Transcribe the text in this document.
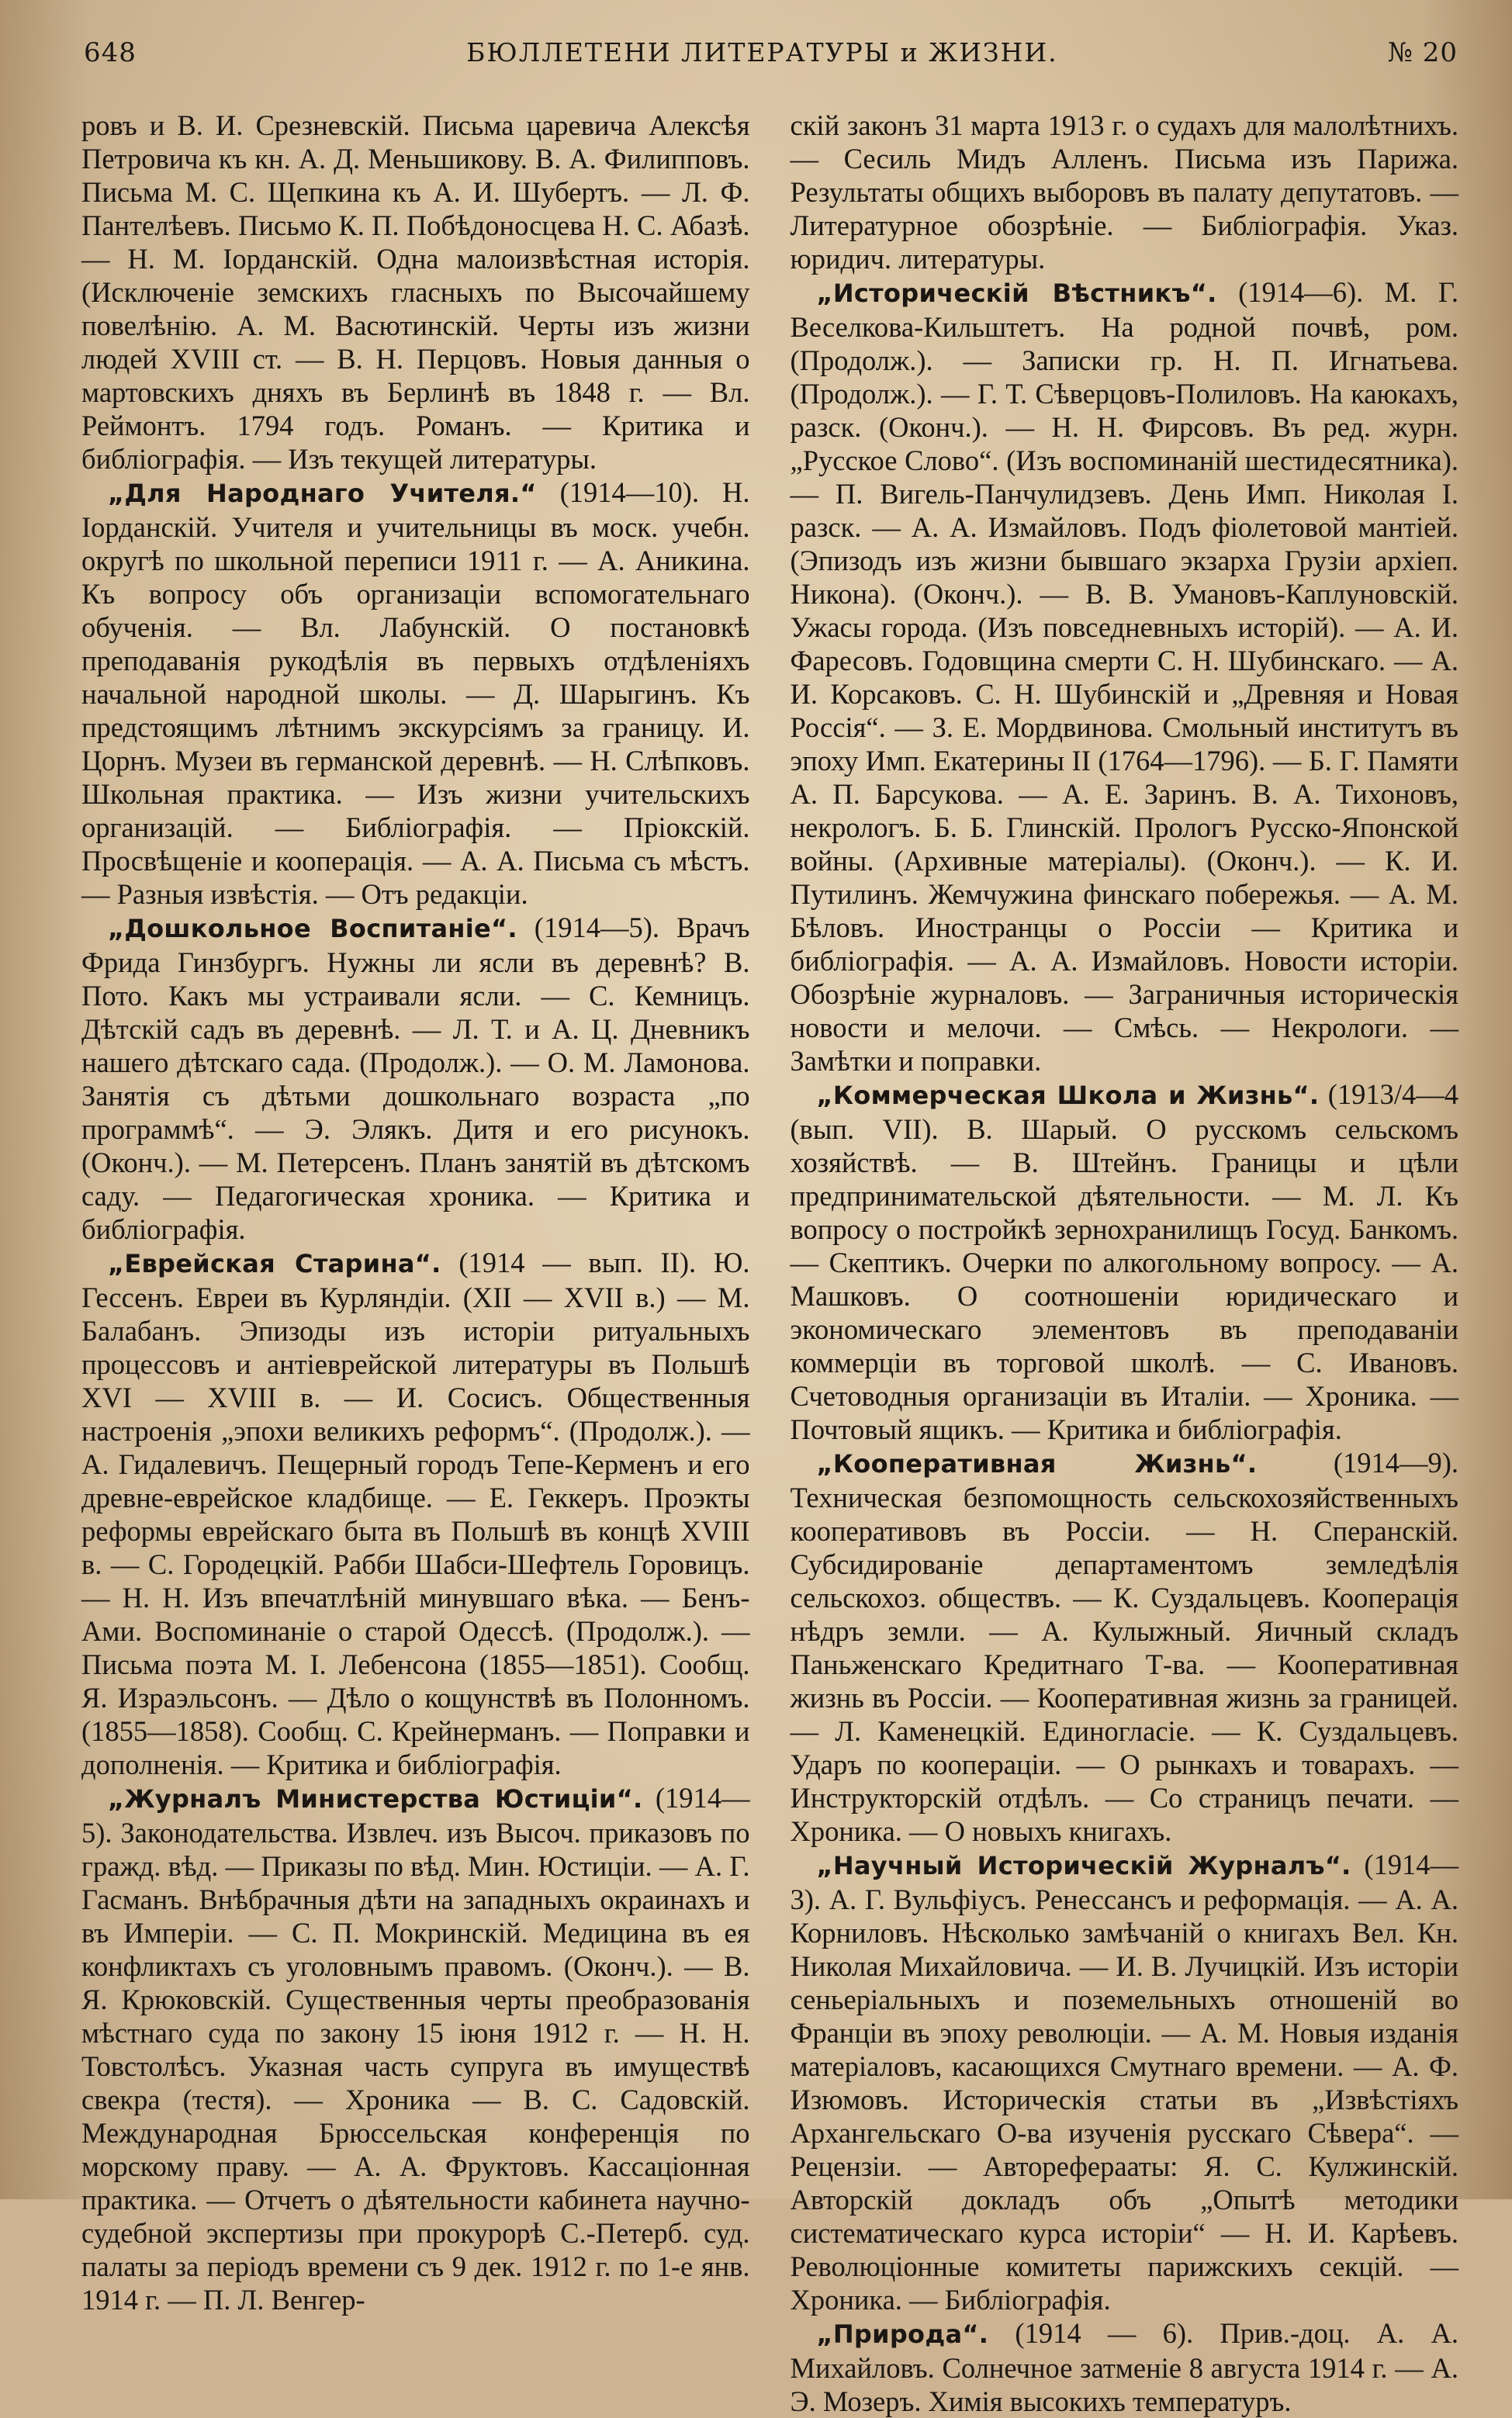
648	БЮЛЛЕТЕНИ ЛИТЕРАТУРЫ и ЖИЗНИ.	№ 20

ровъ и В. И. Срезневскій. Письма царевича Алексѣя Петровича къ кн. А. Д. Меньшикову. В. А. Филипповъ. Письма М. С. Щепкина къ А. И. Шубертъ. — Л. Ф. Пантелѣевъ. Письмо К. П. Побѣдоносцева Н. С. Абазѣ. — Н. М. Iорданскій. Одна малоизвѣстная исторія. (Исключенiе земскихъ гласныхъ по Высочайшему повелѣнію. А. М. Васютинскій. Черты изъ жизни людей XVIII ст. — В. Н. Перцовъ. Новыя данныя о мартовскихъ дняхъ въ Берлинѣ въ 1848 г. — Вл. Реймонтъ. 1794 годъ. Романъ. — Критика и библіографія. — Изъ текущей литературы.

„Для Народнаго Учителя.“ (1914—10). Н. Iорданскій. Учителя и учительницы въ моск. учебн. округѣ по школьной переписи 1911 г. — А. Аникина. Къ вопросу объ организаціи вспомогательнаго обученія. — Вл. Лабунскій. О постановкѣ преподаванія рукодѣлія въ первыхъ отдѣленіяхъ начальной народной школы. — Д. Шарыгинъ. Къ предстоящимъ лѣтнимъ экскурсіямъ за границу. И. Цорнъ. Музеи въ германской деревнѣ. — Н. Слѣпковъ. Школьная практика. — Изъ жизни учительскихъ организацій. — Библіографія. — Пріокскій. Просвѣщеніе и кооперація. — А. А. Письма съ мѣстъ. — Разныя извѣстія. — Отъ редакціи.

„Дошкольное Воспитаніе“. (1914—5). Врачъ Фрида Гинзбургъ. Нужны ли ясли въ деревнѣ? В. Пото. Какъ мы устраивали ясли. — С. Кемницъ. Дѣтскій садъ въ деревнѣ. — Л. Т. и А. Ц. Дневникъ нашего дѣтскаго сада. (Продолж.). — О. М. Ламонова. Занятія съ дѣтьми дошкольнаго возраста „по программѣ“. — Э. Элякъ. Дитя и его рисунокъ. (Оконч.). — М. Петерсенъ. Планъ занятій въ дѣтскомъ саду. — Педагогическая хроника. — Критика и библіографія.

„Еврейская Старина“. (1914 — вып. II). Ю. Гессенъ. Евреи въ Курляндіи. (XII — XVII в.) — М. Балабанъ. Эпизоды изъ исторіи ритуальныхъ процессовъ и антіеврейской литературы въ Польшѣ XVI — XVIII в. — И. Сосисъ. Общественныя настроенія „эпохи великихъ реформъ“. (Продолж.). — А. Гидалевичъ. Пещерный городъ Тепе-Керменъ и его древне-еврейское кладбище. — Е. Геккеръ. Проэкты реформы еврейскаго быта въ Польшѣ въ концѣ XVIII в. — С. Городецкій. Рабби Шабси-Шефтель Горовицъ. — Н. Н. Изъ впечатлѣній минувшаго вѣка. — Бенъ-Ами. Воспоминаніе о старой Одессѣ. (Продолж.). — Письма поэта М. I. Лебенсона (1855—1851). Сообщ. Я. Израэльсонъ. — Дѣло о кощунствѣ въ Полонномъ. (1855—1858). Сообщ. С. Крейнерманъ. — Поправки и дополненія. — Критика и библіографія.

„Журналъ Министерства Юстиціи“. (1914—5). Законодательства. Извлеч. изъ Высоч. приказовъ по гражд. вѣд. — Приказы по вѣд. Мин. Юстиціи. — А. Г. Гасманъ. Внѣбрачныя дѣти на западныхъ окраинахъ и въ Имперіи. — С. П. Мокринскій. Медицина въ ея конфликтахъ съ уголовнымъ правомъ. (Оконч.). — В. Я. Крюковскій. Существенныя черты преобразованія мѣстнаго суда по закону 15 іюня 1912 г. — Н. Н. Товстолѣсъ. Указная часть супруга въ имуществѣ свекра (тестя). — Хроника — В. С. Садовскій. Международная Брюссельская конференція по морскому праву. — А. А. Фруктовъ. Кассаціонная практика. — Отчетъ о дѣятельности кабинета научно-судебной экспертизы при прокурорѣ С.-Петерб. суд. палаты за періодъ времени съ 9 дек. 1912 г. по 1-е янв. 1914 г. — П. Л. Венгер-

скій законъ 31 марта 1913 г. о судахъ для малолѣтнихъ. — Сесиль Мидъ Алленъ. Письма изъ Парижа. Результаты общихъ выборовъ въ палату депутатовъ. — Литературное обозрѣніе. — Библіографія. Указ. юридич. литературы.

„Историческій Вѣстникъ“. (1914—6). М. Г. Веселкова-Кильштетъ. На родной почвѣ, ром. (Продолж.). — Записки гр. Н. П. Игнатьева. (Продолж.). — Г. Т. Сѣверцовъ-Полиловъ. На каюкахъ, разск. (Оконч.). — Н. Н. Фирсовъ. Въ ред. журн. „Русское Слово“. (Изъ воспоминаній шестидесятника). — П. Вигель-Панчулидзевъ. День Имп. Николая I. разск. — А. А. Измайловъ. Подъ фіолетовой мантіей. (Эпизодъ изъ жизни бывшаго экзарха Грузіи архіеп. Никона). (Оконч.). — В. В. Умановъ-Каплуновскій. Ужасы города. (Изъ повседневныхъ исторій). — А. И. Фаресовъ. Годовщина смерти С. Н. Шубинскаго. — А. И. Корсаковъ. С. Н. Шубинскій и „Древняя и Новая Россія“. — З. Е. Мордвинова. Смольный институтъ въ эпоху Имп. Екатерины II (1764—1796). — Б. Г. Памяти А. П. Барсукова. — А. Е. Заринъ. В. А. Тихоновъ, некрологъ. Б. Б. Глинскій. Прологъ Русско-Японской войны. (Архивные матеріалы). (Оконч.). — К. И. Путилинъ. Жемчужина финскаго побережья. — А. М. Бѣловъ. Иностранцы о Россіи — Критика и библіографія. — А. А. Измайловъ. Новости исторіи. Обозрѣніе журналовъ. — Заграничныя историческія новости и мелочи. — Смѣсь. — Некрологи. — Замѣтки и поправки.

„Коммерческая Школа и Жизнь“. (1913/4—4 (вып. VII). В. Шарый. О русскомъ сельскомъ хозяйствѣ. — В. Штейнъ. Границы и цѣли предпринимательской дѣятельности. — М. Л. Къ вопросу о постройкѣ зернохранилищъ Госуд. Банкомъ. — Скептикъ. Очерки по алкогольному вопросу. — А. Машковъ. О соотношеніи юридическаго и экономическаго элементовъ въ преподаваніи коммерціи въ торговой школѣ. — С. Ивановъ. Счетоводныя организаціи въ Италіи. — Хроника. — Почтовый ящикъ. — Критика и библіографія.

„Кооперативная Жизнь“. (1914—9). Техническая безпомощность сельскохозяйственныхъ кооперативовъ въ Россіи. — Н. Сперанскій. Субсидированіе департаментомъ земледѣлія сельскохоз. обществъ. — К. Суздальцевъ. Кооперація нѣдръ земли. — А. Кулыжный. Яичный складъ Паньженскаго Кредитнаго Т-ва. — Кооперативная жизнь въ Россіи. — Кооперативная жизнь за границей. — Л. Каменецкій. Единогласіе. — К. Суздальцевъ. Ударъ по коопераціи. — О рынкахъ и товарахъ. — Инструкторскій отдѣлъ. — Со страницъ печати. — Хроника. — О новыхъ книгахъ.

„Научный Историческій Журналъ“. (1914—3). А. Г. Вульфіусъ. Ренессансъ и реформація. — А. А. Корниловъ. Нѣсколько замѣчаній о книгахъ Вел. Кн. Николая Михайловича. — И. В. Лучицкій. Изъ исторіи сеньеріальныхъ и поземельныхъ отношеній во Франціи въ эпоху революціи. — А. М. Новыя изданія матеріаловъ, касающихся Смутнаго времени. — А. Ф. Изюмовъ. Историческія статьи въ „Извѣстіяхъ Архангельскаго О-ва изученія русскаго Сѣвера“. — Рецензіи. — Автореферааты: Я. С. Кулжинскій. Авторскій докладъ объ „Опытѣ методики систематическаго курса исторіи“ — Н. И. Карѣевъ. Революціонные комитеты парижскихъ секцій. — Хроника. — Библіографія.

„Природа“. (1914 — 6). Прив.-доц. А. А. Михайловъ. Солнечное затменіе 8 августа 1914 г. — А. Э. Мозеръ. Химія высокихъ температуръ.
